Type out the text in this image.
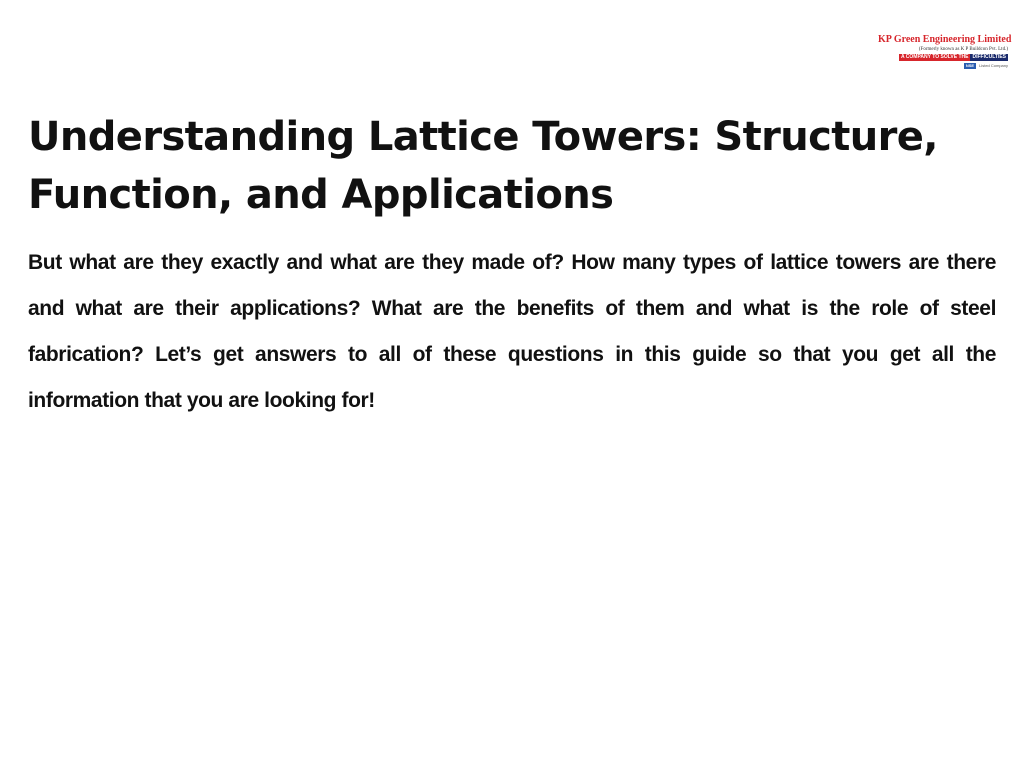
KP Green Engineering Limited
(Formerly known as K P Buildcon Pvt. Ltd.)
A COMPANY TO SOLVE THE DIFFICULTIES
NSE	Listed Company
Understanding Lattice Towers: Structure, Function, and Applications

But what are they exactly and what are they made of? How many types of lattice towers are there and what are their applications? What are the benefits of them and what is the role of steel fabrication? Let’s get answers to all of these questions in this guide so that you get all the information that you are looking for!
